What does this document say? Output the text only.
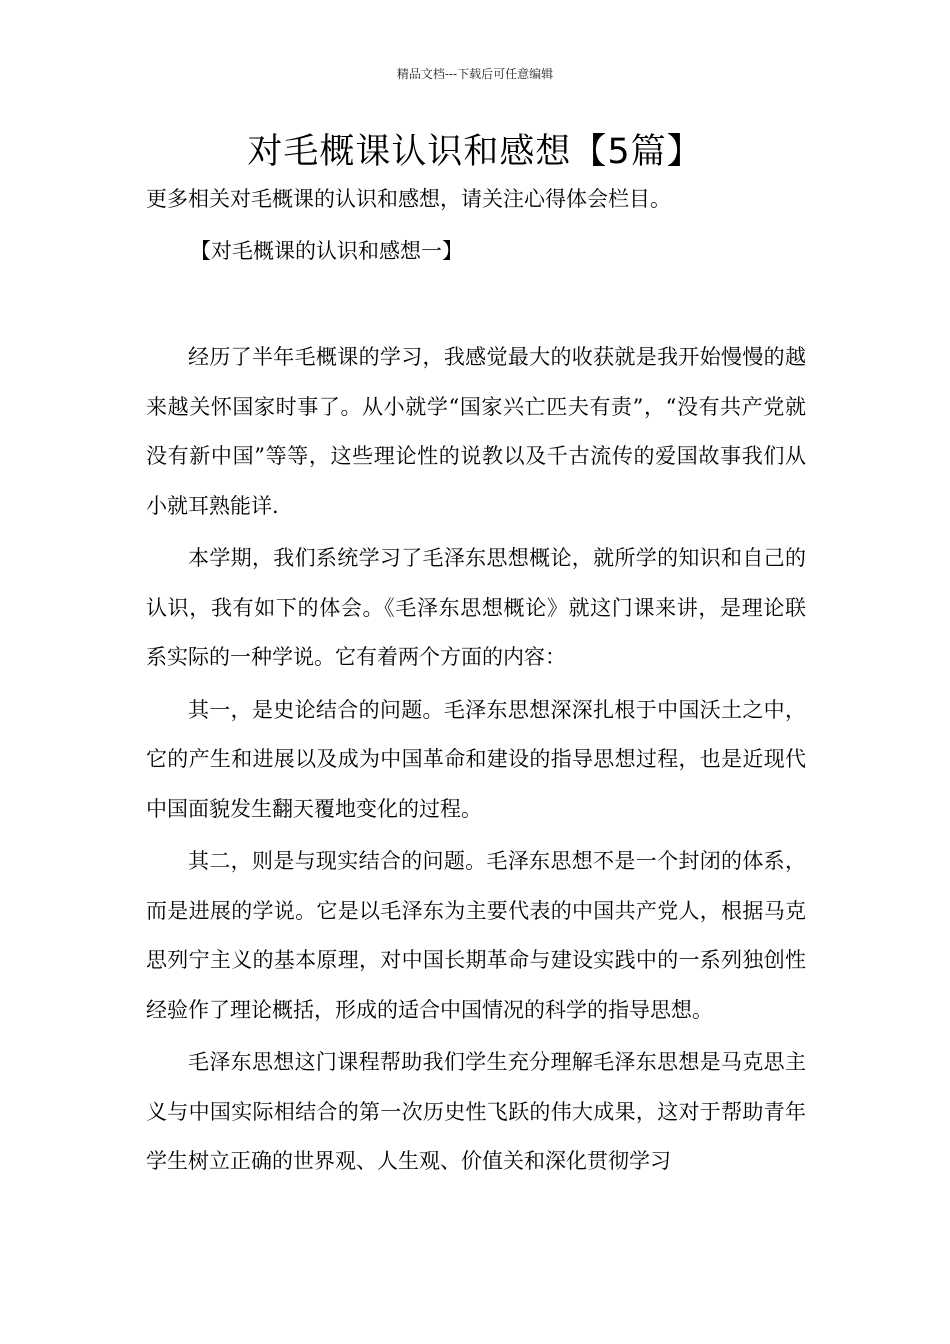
精品文档---下载后可任意编辑
对毛概课认识和感想【5篇】

更多相关对毛概课的认识和感想，请关注心得体会栏目。

【对毛概课的认识和感想一】

经历了半年毛概课的学习，我感觉最大的收获就是我开始慢慢的越来越关怀国家时事了。从小就学“国家兴亡匹夫有责”，“没有共产党就没有新中国”等等，这些理论性的说教以及千古流传的爱国故事我们从小就耳熟能详.

本学期，我们系统学习了毛泽东思想概论，就所学的知识和自己的认识，我有如下的体会。《毛泽东思想概论》就这门课来讲，是理论联系实际的一种学说。它有着两个方面的内容：

其一，是史论结合的问题。毛泽东思想深深扎根于中国沃土之中，它的产生和进展以及成为中国革命和建设的指导思想过程，也是近现代中国面貌发生翻天覆地变化的过程。

其二，则是与现实结合的问题。毛泽东思想不是一个封闭的体系，而是进展的学说。它是以毛泽东为主要代表的中国共产党人，根据马克思列宁主义的基本原理，对中国长期革命与建设实践中的一系列独创性经验作了理论概括，形成的适合中国情况的科学的指导思想。

毛泽东思想这门课程帮助我们学生充分理解毛泽东思想是马克思主义与中国实际相结合的第一次历史性飞跃的伟大成果，这对于帮助青年学生树立正确的世界观、人生观、价值关和深化贯彻学习
